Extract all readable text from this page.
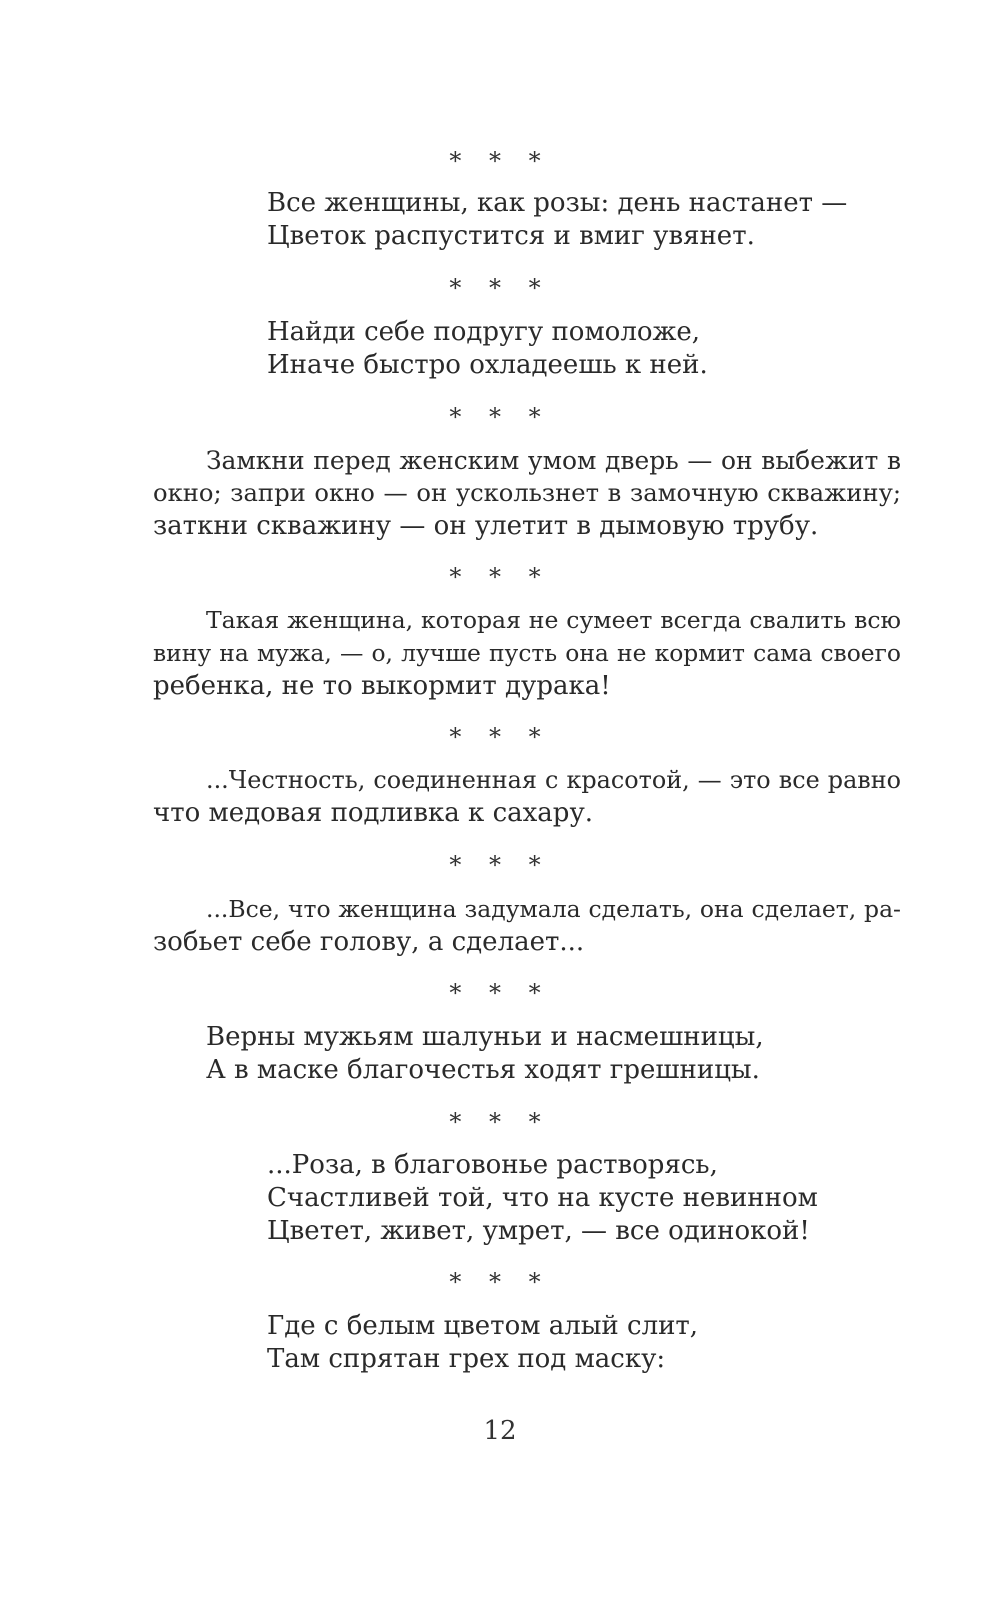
* * *
Все женщины, как розы: день настанет —
Цветок распустится и вмиг увянет.
* * *
Найди себе подругу помоложе,
Иначе быстро охладеешь к ней.
* * *
Замкни перед женским умом дверь — он выбежит в
окно; запри окно — он ускользнет в замочную скважину;
заткни скважину — он улетит в дымовую трубу.
* * *
Такая женщина, которая не сумеет всегда свалить всю
вину на мужа, — о, лучше пусть она не кормит сама своего
ребенка, не то выкормит дурака!
* * *
...Честность, соединенная с красотой, — это все равно
что медовая подливка к сахару.
* * *
...Все, что женщина задумала сделать, она сделает, ра-
зобьет себе голову, а сделает...
* * *
Верны мужьям шалуньи и насмешницы,
А в маске благочестья ходят грешницы.
* * *
...Роза, в благовонье растворясь,
Счастливей той, что на кусте невинном
Цветет, живет, умрет, — все одинокой!
* * *
Где с белым цветом алый слит,
Там спрятан грех под маску:
12
